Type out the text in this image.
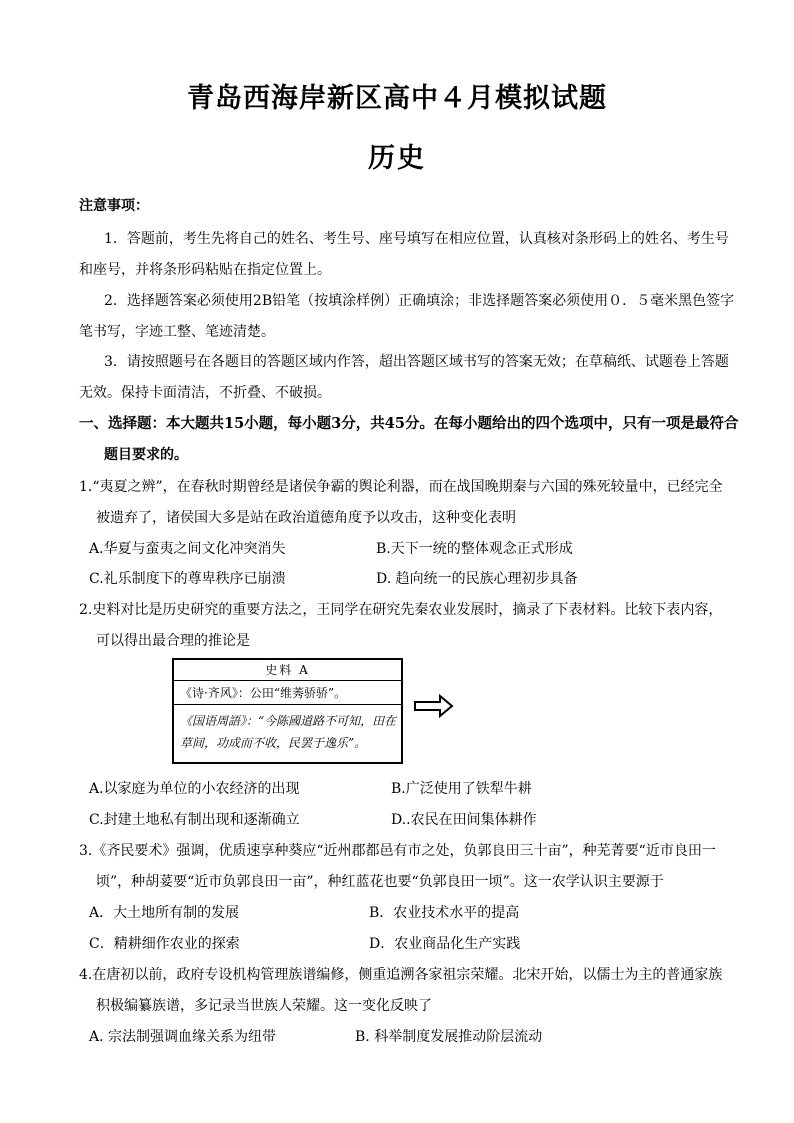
青岛西海岸新区高中４月模拟试题
历史
注意事项：
1．答题前，考生先将自己的姓名、考生号、座号填写在相应位置，认真核对条形码上的姓名、考生号
和座号，并将条形码粘贴在指定位置上。
2．选择题答案必须使用2B铅笔（按填涂样例）正确填涂；非选择题答案必须使用０．５毫米黑色签字
笔书写，字迹工整、笔迹清楚。
3．请按照题号在各题目的答题区域内作答，超出答题区域书写的答案无效；在草稿纸、试题卷上答题
无效。保持卡面清洁，不折叠、不破损。
一、选择题：本大题共15小题，每小题3分，共45分。在每小题给出的四个选项中，只有一项是最符合
题目要求的。
1.“夷夏之辨”，在春秋时期曾经是诸侯争霸的舆论利器，而在战国晚期秦与六国的殊死较量中，已经完全
被遗弃了，诸侯国大多是站在政治道德角度予以攻击，这种变化表明
A.华夏与蛮夷之间文化冲突消失	B.天下一统的整体观念正式形成
C.礼乐制度下的尊卑秩序已崩溃	D. 趋向统一的民族心理初步具备
2.史料对比是历史研究的重要方法之，王同学在研究先秦农业发展时，摘录了下表材料。比较下表内容，
可以得出最合理的推论是
史料 A
《诗·齐风》：公田“维莠骄骄”。
《国语周語》：“今陈國道路不可知，田在
草间，功成而不收，民罢于逸乐”。
A.以家庭为单位的小农经济的出现	B.广泛使用了铁犁牛耕
C.封建土地私有制出现和逐渐确立	D..农民在田间集体耕作
3.《齐民要术》强调，优质速享种葵应“近州郡都邑有市之处，负郭良田三十亩”，种芜菁要“近市良田一
顷”，种胡荽要“近市负郭良田一亩”，种红蓝花也要“负郭良田一顷”。这一农学认识主要源于
A．大土地所有制的发展	B．农业技术水平的提高
C．精耕细作农业的探索	D．农业商品化生产实践
4.在唐初以前，政府专设机构管理族谱编修，侧重追溯各家祖宗荣耀。北宋开始，以儒士为主的普通家族
积极编纂族谱，多记录当世族人荣耀。这一变化反映了
A. 宗法制强调血缘关系为纽带	B. 科举制度发展推动阶层流动
